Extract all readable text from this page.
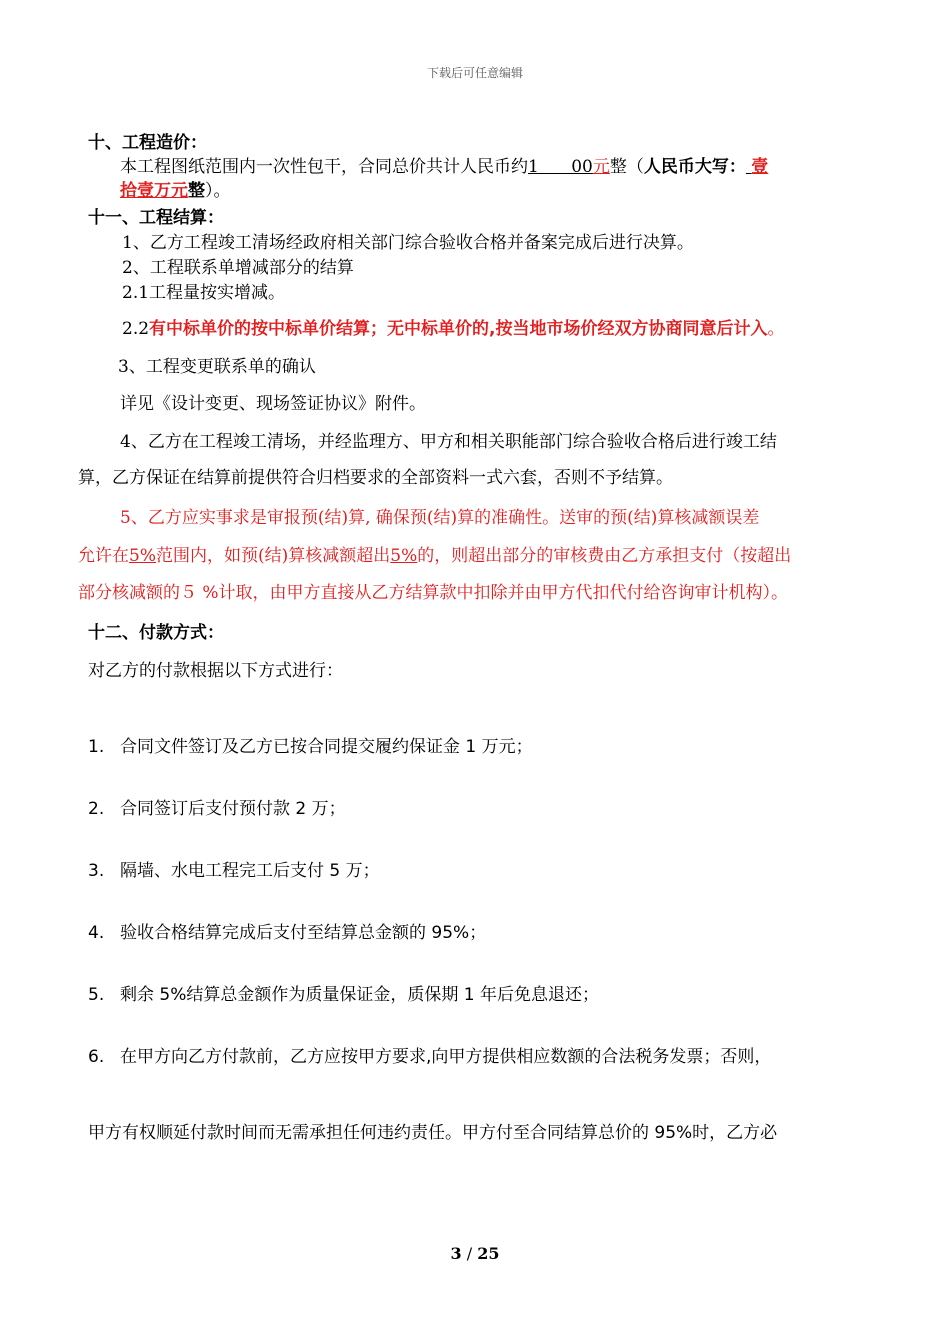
下载后可任意编辑
十、工程造价：
本工程图纸范围内一次性包干，合同总价共计人民币约1      00元整（人民币大写： 壹
拾壹万元整）。
十一、工程结算：
1、乙方工程竣工清场经政府相关部门综合验收合格并备案完成后进行决算。
2、工程联系单增减部分的结算
2.1工程量按实增减。
2.2有中标单价的按中标单价结算；无中标单价的,按当地市场价经双方协商同意后计入。
3、工程变更联系单的确认
详见《设计变更、现场签证协议》附件。
4、乙方在工程竣工清场，并经监理方、甲方和相关职能部门综合验收合格后进行竣工结
算，乙方保证在结算前提供符合归档要求的全部资料一式六套，否则不予结算。
5、乙方应实事求是审报预(结)算, 确保预(结)算的准确性。送审的预(结)算核减额误差
允许在5%范围内，如预(结)算核减额超出5%的，则超出部分的审核费由乙方承担支付（按超出
部分核减额的５ %计取，由甲方直接从乙方结算款中扣除并由甲方代扣代付给咨询审计机构）。
十二、付款方式：
对乙方的付款根据以下方式进行：
1. 合同文件签订及乙方已按合同提交履约保证金 1 万元；
2. 合同签订后支付预付款 2 万；
3. 隔墙、水电工程完工后支付 5 万；
4. 验收合格结算完成后支付至结算总金额的 95%；
5. 剩余 5%结算总金额作为质量保证金，质保期 1 年后免息退还；
6. 在甲方向乙方付款前，乙方应按甲方要求,向甲方提供相应数额的合法税务发票；否则，
甲方有权顺延付款时间而无需承担任何违约责任。甲方付至合同结算总价的 95%时，乙方必
3 / 25
